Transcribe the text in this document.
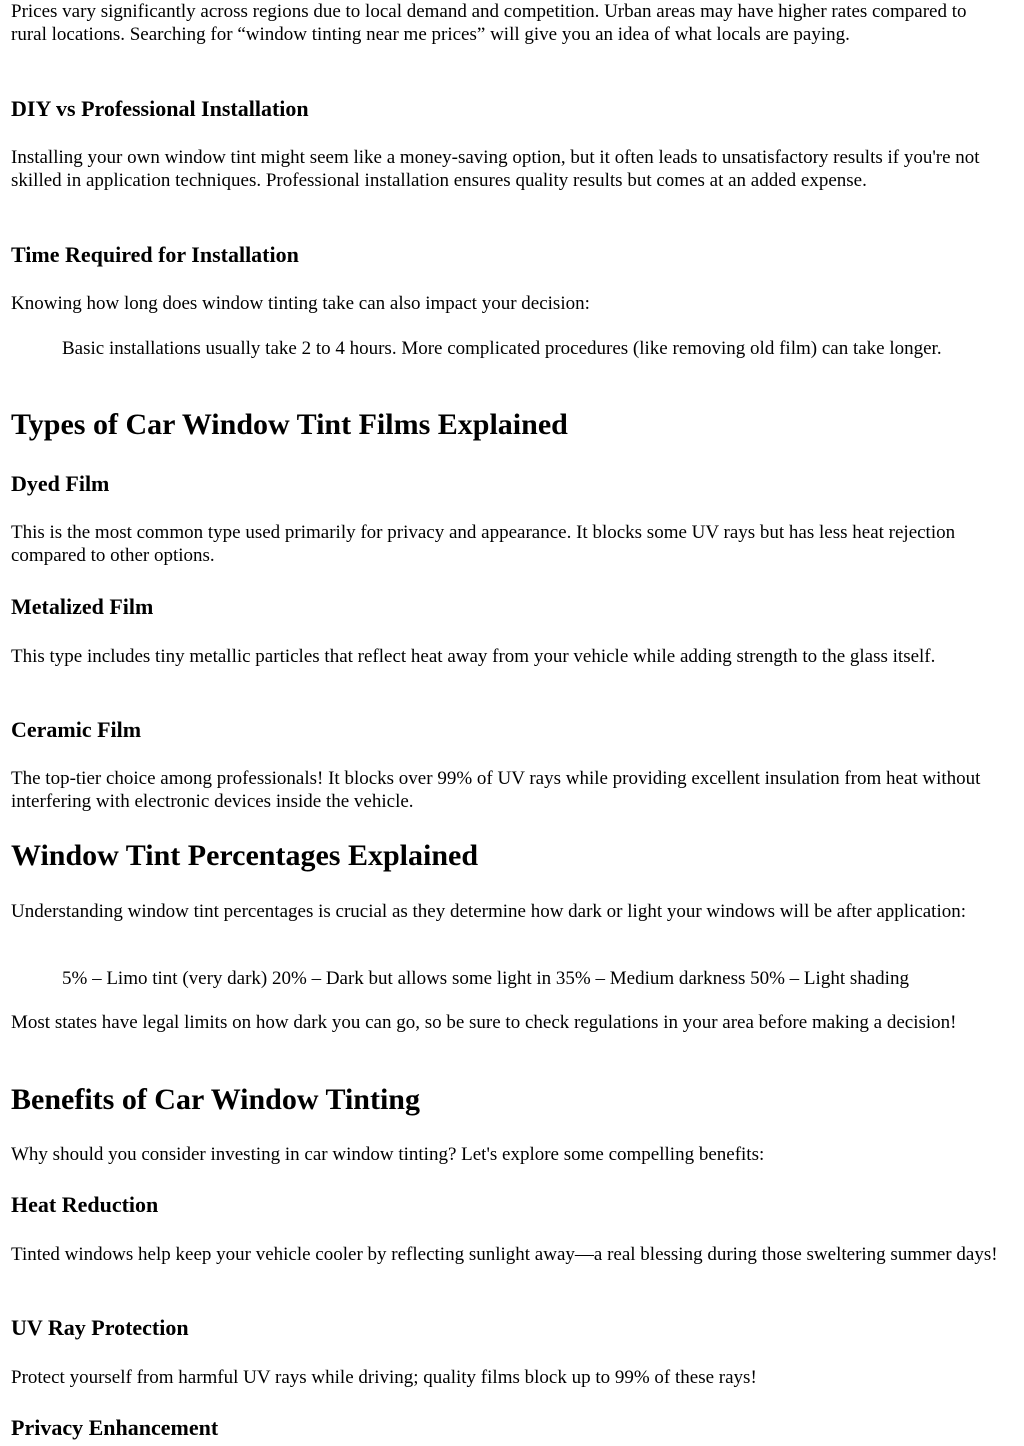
Prices vary significantly across regions due to local demand and competition. Urban areas may have higher rates compared to rural locations. Searching for “window tinting near me prices” will give you an idea of what locals are paying.

DIY vs Professional Installation

Installing your own window tint might seem like a money-saving option, but it often leads to unsatisfactory results if you're not skilled in application techniques. Professional installation ensures quality results but comes at an added expense.

Time Required for Installation

Knowing how long does window tinting take can also impact your decision:

Basic installations usually take 2 to 4 hours. More complicated procedures (like removing old film) can take longer.
Types of Car Window Tint Films Explained
Dyed Film

This is the most common type used primarily for privacy and appearance. It blocks some UV rays but has less heat rejection compared to other options.

Metalized Film

This type includes tiny metallic particles that reflect heat away from your vehicle while adding strength to the glass itself.

Ceramic Film

The top-tier choice among professionals! It blocks over 99% of UV rays while providing excellent insulation from heat without interfering with electronic devices inside the vehicle.

Window Tint Percentages Explained

Understanding window tint percentages is crucial as they determine how dark or light your windows will be after application:

5% – Limo tint (very dark) 20% – Dark but allows some light in 35% – Medium darkness 50% – Light shading

Most states have legal limits on how dark you can go, so be sure to check regulations in your area before making a decision!

Benefits of Car Window Tinting

Why should you consider investing in car window tinting? Let's explore some compelling benefits:

Heat Reduction

Tinted windows help keep your vehicle cooler by reflecting sunlight away—a real blessing during those sweltering summer days!

UV Ray Protection

Protect yourself from harmful UV rays while driving; quality films block up to 99% of these rays!

Privacy Enhancement
